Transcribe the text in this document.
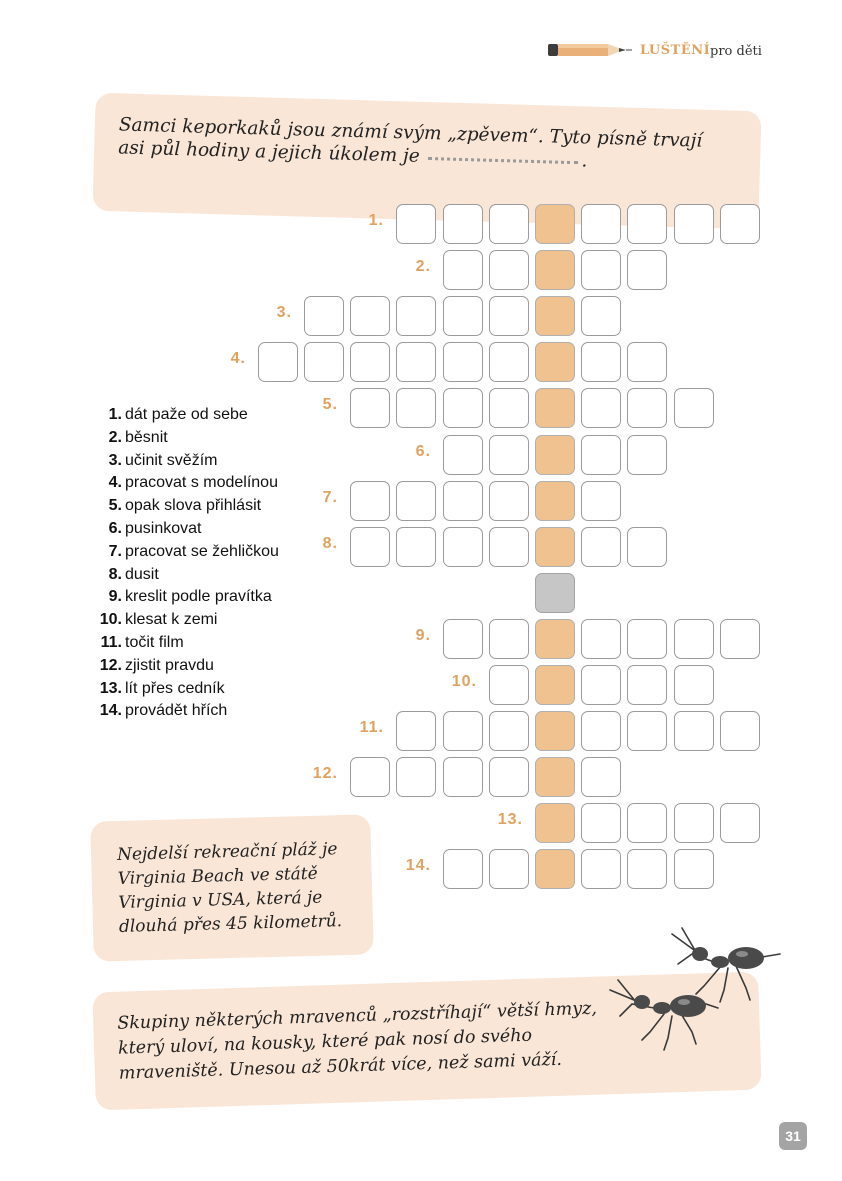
LUŠTĚNÍ pro děti
Samci keporkaků jsou známí svým „zpěvem“. Tyto písně trvají asi půl hodiny a jejich úkolem je	.
1. dát paže od sebe
2. běsnit
3. učinit svěžím
4. pracovat s modelínou
5. opak slova přihlásit
6. pusinkovat
7. pracovat se žehličkou
8. dusit
9. kreslit podle pravítka
10. klesat k zemi
11. točit film
12. zjistit pravdu
13. lít přes cedník
14. provádět hřích
1.
2.
3.
4.
5.
6.
7.
8.
9.
10.
11.
12.
13.
14.
Nejdelší rekreační pláž je Virginia Beach ve státě Virginia v USA, která je dlouhá přes 45 kilometrů.
Skupiny některých mravenců „rozstříhají“ větší hmyz, který uloví, na kousky, které pak nosí do svého mraveniště. Unesou až 50krát více, než sami váží.
31
